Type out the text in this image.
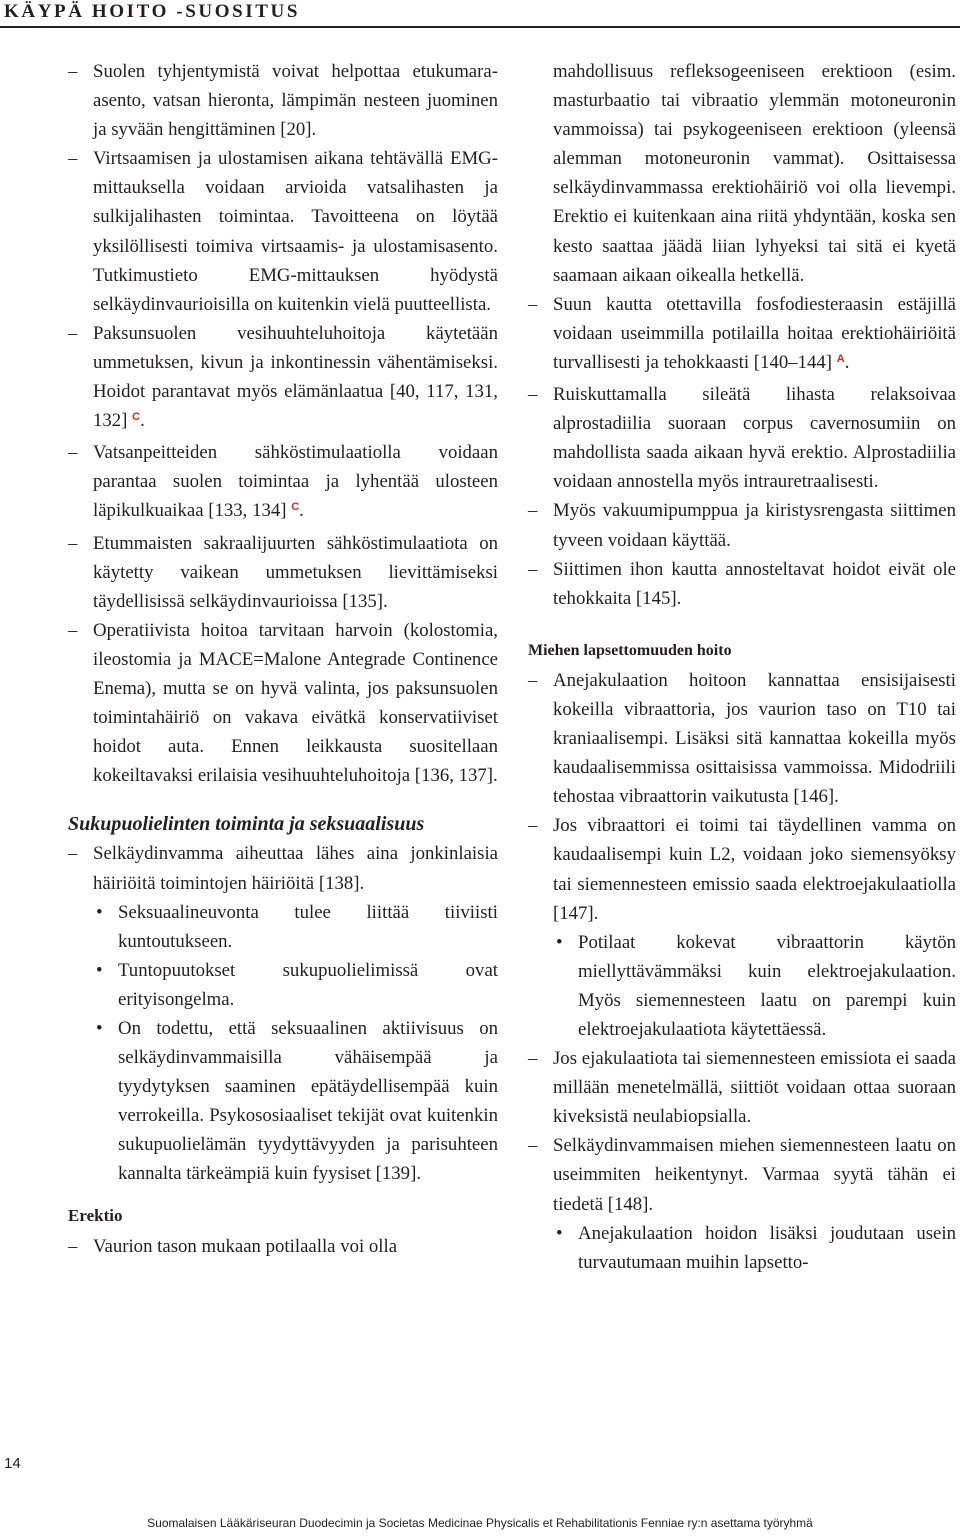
KÄYPÄ HOITO -SUOSITUS

– Suolen tyhjentymistä voivat helpottaa etukumara-asento, vatsan hieronta, lämpimän nesteen juominen ja syvään hengittäminen [20].

– Virtsaamisen ja ulostamisen aikana tehtävällä EMG-mittauksella voidaan arvioida vatsalihasten ja sulkijalihasten toimintaa. Tavoitteena on löytää yksilöllisesti toimiva virtsaamis- ja ulostamisasento. Tutkimustieto EMG-mittauksen hyödystä selkäydinvaurioisilla on kuitenkin vielä puutteellista.

– Paksunsuolen vesihuuhteluhoitoja käytetään ummetuksen, kivun ja inkontinessin vähentämiseksi. Hoidot parantavat myös elämänlaatua [40, 117, 131, 132] $^C$.

– Vatsanpeitteiden sähköstimulaatiolla voidaan parantaa suolen toimintaa ja lyhentää ulosteen läpikulkuaikaa [133, 134] $^C$.

– Etummaisten sakraalijuurten sähköstimulaatiota on käytetty vaikean ummetuksen lievittämiseksi täydellisissä selkäydinvaurioissa [135].

– Operatiivista hoitoa tarvitaan harvoin (kolostomia, ileostomia ja MACE=Malone Antegrade Continence Enema), mutta se on hyvä valinta, jos paksunsuolen toimintahäiriö on vakava eivätkä konservatiiviset hoidot auta. Ennen leikkausta suositellaan kokeiltavaksi erilaisia vesihuuhteluhoitoja [136, 137].

Sukupuolielinten toiminta ja seksuaalisuus

– Selkäydinvamma aiheuttaa lähes aina jonkinlaisia häiriöitä toimintojen häiriöitä [138].

• Seksuaalineuvonta tulee liittää tiiviisti kuntoutukseen.

• Tuntopuutokset sukupuolielimissä ovat erityisongelma.

• On todettu, että seksuaalinen aktiivisuus on selkäydinvammaisilla vähäisempää ja tyydytyksen saaminen epätäydellisempää kuin verrokeilla. Psykososiaaliset tekijät ovat kuitenkin sukupuolielämän tyydyttävyyden ja parisuhteen kannalta tärkeämpiä kuin fyysiset [139].

Erektio

– Vaurion tason mukaan potilaalla voi olla

mahdollisuus refleksogeeniseen erektioon (esim. masturbaatio tai vibraatio ylemmän motoneuronin vammoissa) tai psykogeeniseen erektioon (yleensä alemman motoneuronin vammat). Osittaisessa selkäydinvammassa erektiohäiriö voi olla lievempi. Erektio ei kuitenkaan aina riitä yhdyntään, koska sen kesto saattaa jäädä liian lyhyeksi tai sitä ei kyetä saamaan aikaan oikealla hetkellä.

– Suun kautta otettavilla fosfodiesteraasin estäjillä voidaan useimmilla potilailla hoitaa erektiohäiriöitä turvallisesti ja tehokkaasti [140–144] $^A$.

– Ruiskuttamalla sileätä lihasta relaksoivaa alprostadiilia suoraan corpus cavernosumiin on mahdollista saada aikaan hyvä erektio. Alprostadiilia voidaan annostella myös intrauretraalisesti.

– Myös vakuumipumppua ja kiristysrengasta siittimen tyveen voidaan käyttää.

– Siittimen ihon kautta annosteltavat hoidot eivät ole tehokkaita [145].

Miehen lapsettomuuden hoito

– Anejakulaation hoitoon kannattaa ensisijaisesti kokeilla vibraattoria, jos vaurion taso on T10 tai kraniaalisempi. Lisäksi sitä kannattaa kokeilla myös kaudaalisemmissa osittaisissa vammoissa. Midodriili tehostaa vibraattorin vaikutusta [146].

– Jos vibraattori ei toimi tai täydellinen vamma on kaudaalisempi kuin L2, voidaan joko siemensyöksy tai siemennesteen emissio saada elektroejakulaatiolla [147].

• Potilaat kokevat vibraattorin käytön miellyttävämmäksi kuin elektroejakulaation. Myös siemennesteen laatu on parempi kuin elektroejakulaatiota käytettäessä.

– Jos ejakulaatiota tai siemennesteen emissiota ei saada millään menetelmällä, siittiöt voidaan ottaa suoraan kiveksistä neulabiopsialla.

– Selkäydinvammaisen miehen siemennesteen laatu on useimmiten heikentynyt. Varmaa syytä tähän ei tiedetä [148].

• Anejakulaation hoidon lisäksi joudutaan usein turvautumaan muihin lapsetto-

14
Suomalaisen Lääkäriseuran Duodecimin ja Societas Medicinae Physicalis et Rehabilitationis Fenniae ry:n asettama työryhmä
